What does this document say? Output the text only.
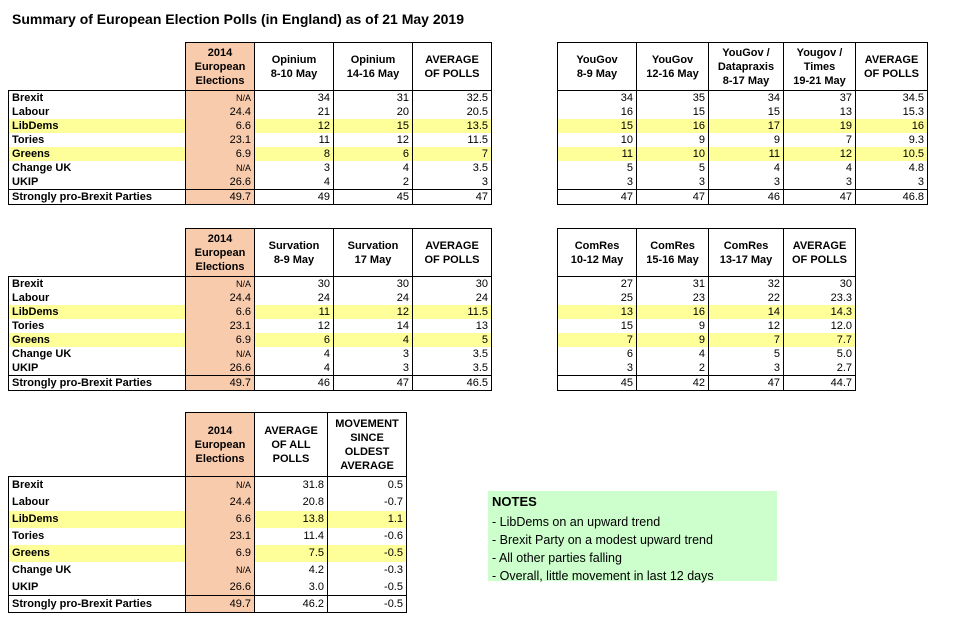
Summary of European Election Polls (in England) as of 21 May 2019
	2014
European
Elections	Opinium
8-10 May	Opinium
14-16 May	AVERAGE
OF POLLS
Brexit	N/A	34	31	32.5
Labour	24.4	21	20	20.5
LibDems	6.6	12	15	13.5
Tories	23.1	11	12	11.5
Greens	6.9	8	6	7
Change UK	N/A	3	4	3.5
UKIP	26.6	4	2	3
Strongly pro-Brexit Parties	49.7	49	45	47
YouGov
8-9 May	YouGov
12-16 May	YouGov /
Datapraxis
8-17 May	Yougov /
Times
19-21 May	AVERAGE
OF POLLS
34	35	34	37	34.5
16	15	15	13	15.3
15	16	17	19	16
10	9	9	7	9.3
11	10	11	12	10.5
5	5	4	4	4.8
3	3	3	3	3
47	47	46	47	46.8
	2014
European
Elections	Survation
8-9 May	Survation
17 May	AVERAGE
OF POLLS
Brexit	N/A	30	30	30
Labour	24.4	24	24	24
LibDems	6.6	11	12	11.5
Tories	23.1	12	14	13
Greens	6.9	6	4	5
Change UK	N/A	4	3	3.5
UKIP	26.6	4	3	3.5
Strongly pro-Brexit Parties	49.7	46	47	46.5
ComRes
10-12 May	ComRes
15-16 May	ComRes
13-17 May	AVERAGE
OF POLLS
27	31	32	30
25	23	22	23.3
13	16	14	14.3
15	9	12	12.0
7	9	7	7.7
6	4	5	5.0
3	2	3	2.7
45	42	47	44.7
	2014
European
Elections	AVERAGE
OF ALL
POLLS	MOVEMENT
SINCE
OLDEST
AVERAGE
Brexit	N/A	31.8	0.5
Labour	24.4	20.8	-0.7
LibDems	6.6	13.8	1.1
Tories	23.1	11.4	-0.6
Greens	6.9	7.5	-0.5
Change UK	N/A	4.2	-0.3
UKIP	26.6	3.0	-0.5
Strongly pro-Brexit Parties	49.7	46.2	-0.5
NOTES
- LibDems on an upward trend
- Brexit Party on a modest upward trend
- All other parties falling
- Overall, little movement in last 12 days
